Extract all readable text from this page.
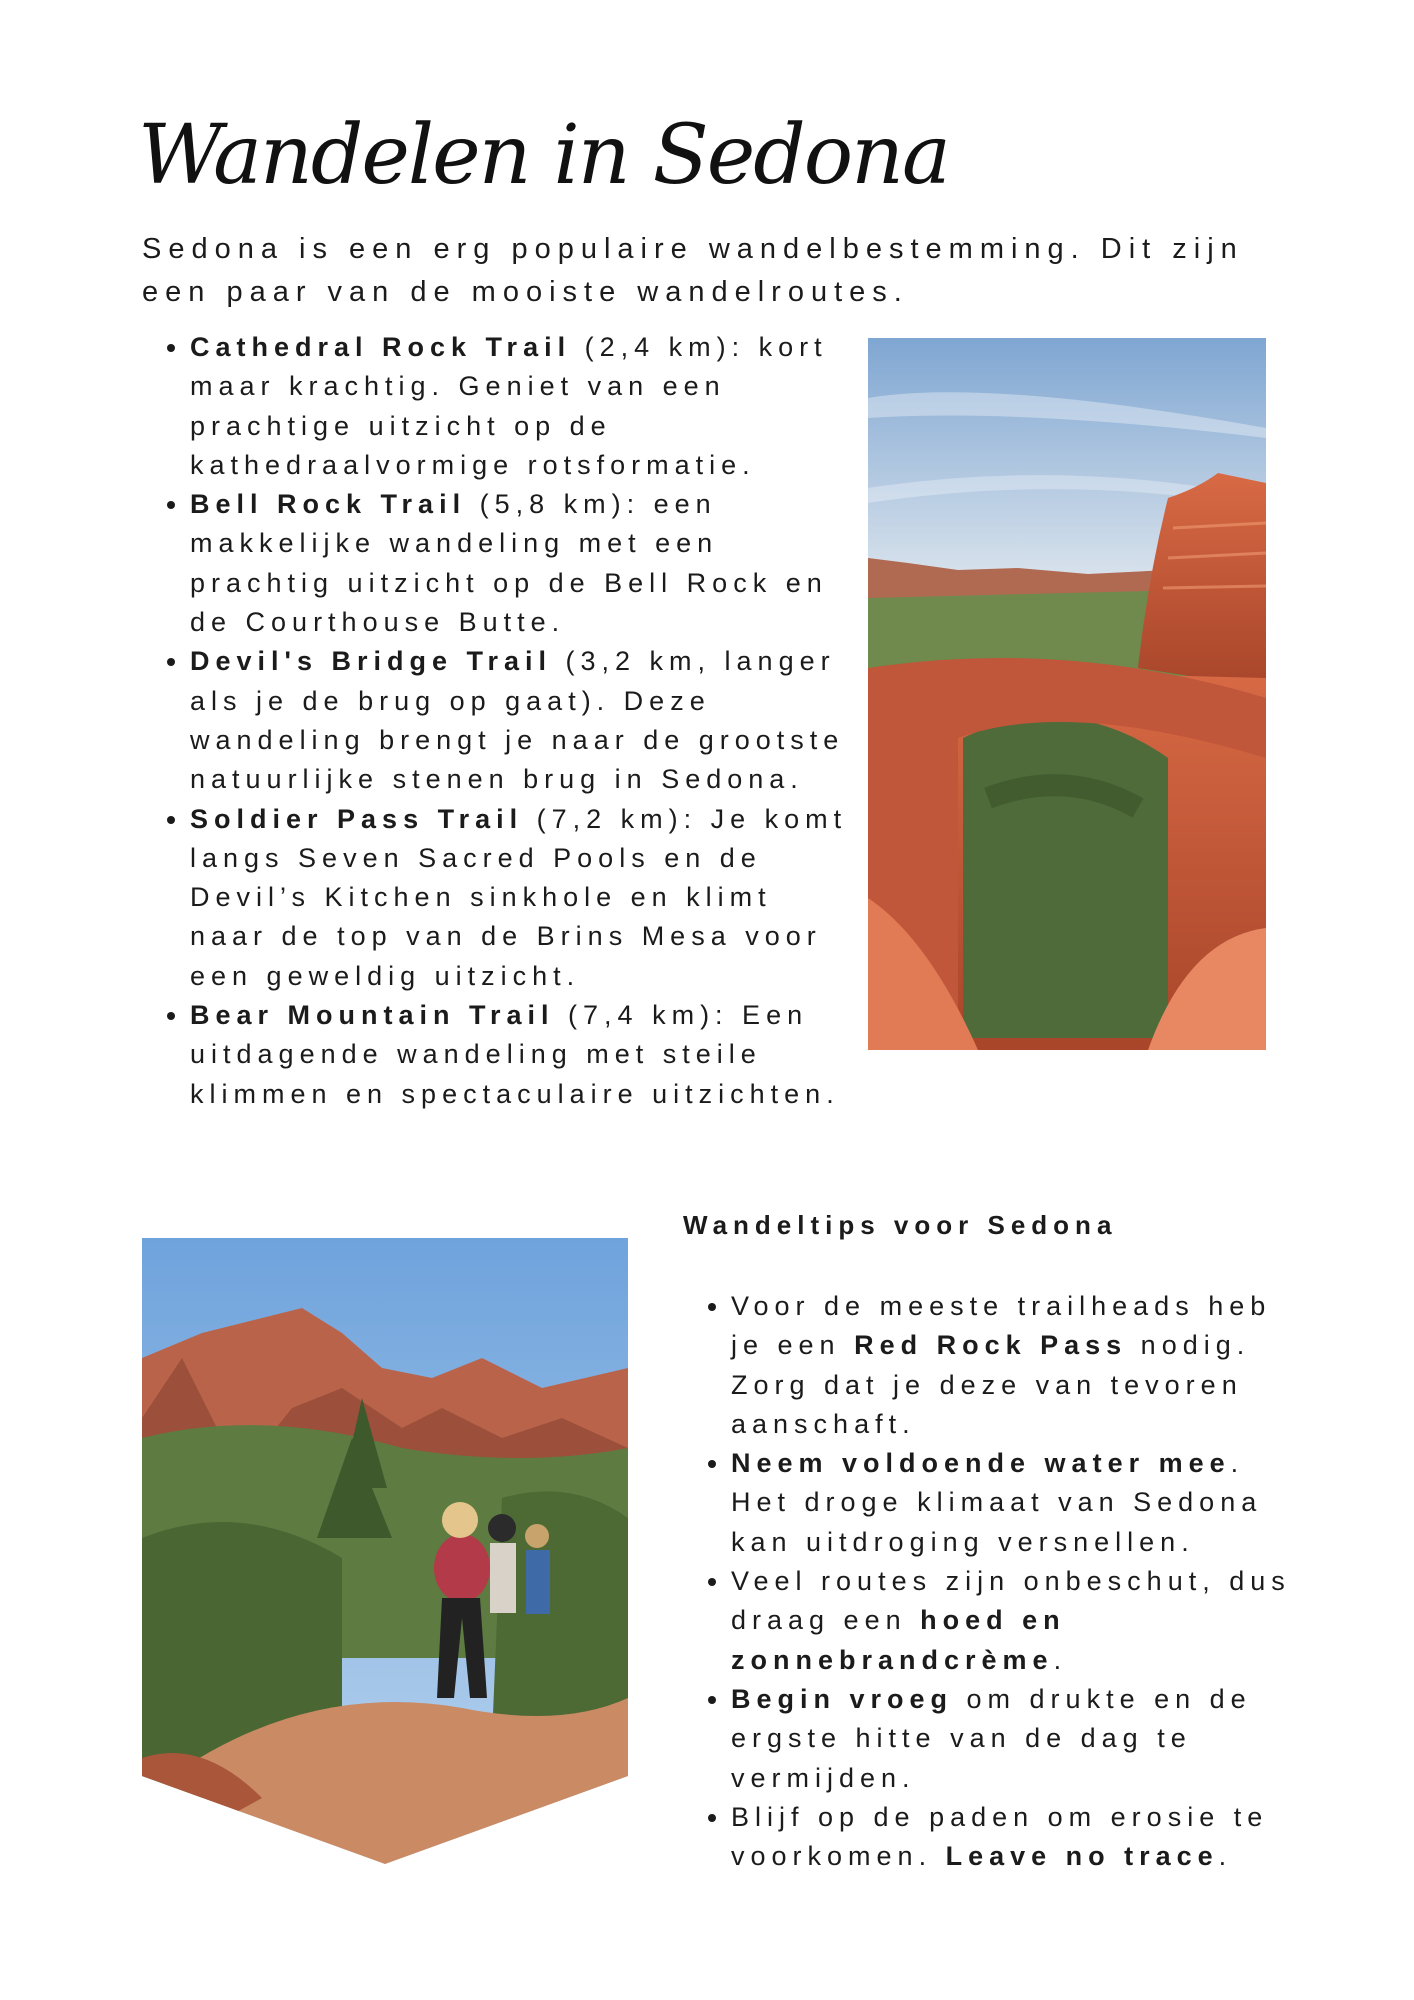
Wandelen in Sedona

Sedona is een erg populaire wandelbestemming. Dit zijn een paar van de mooiste wandelroutes.

• Cathedral Rock Trail (2,4 km): kort maar krachtig. Geniet van een prachtige uitzicht op de kathedraalvormige rotsformatie.
• Bell Rock Trail (5,8 km): een makkelijke wandeling met een prachtig uitzicht op de Bell Rock en de Courthouse Butte.
• Devil's Bridge Trail (3,2 km, langer als je de brug op gaat). Deze wandeling brengt je naar de grootste natuurlijke stenen brug in Sedona.
• Soldier Pass Trail (7,2 km): Je komt langs Seven Sacred Pools en de Devil’s Kitchen sinkhole en klimt naar de top van de Brins Mesa voor een geweldig uitzicht.
• Bear Mountain Trail (7,4 km): Een uitdagende wandeling met steile klimmen en spectaculaire uitzichten.
Wandeltips voor Sedona
• Voor de meeste trailheads heb je een Red Rock Pass nodig. Zorg dat je deze van tevoren aanschaft.
• Neem voldoende water mee. Het droge klimaat van Sedona kan uitdroging versnellen.
• Veel routes zijn onbeschut, dus draag een hoed en zonnebrandcrème.
• Begin vroeg om drukte en de ergste hitte van de dag te vermijden.
• Blijf op de paden om erosie te voorkomen. Leave no trace.
